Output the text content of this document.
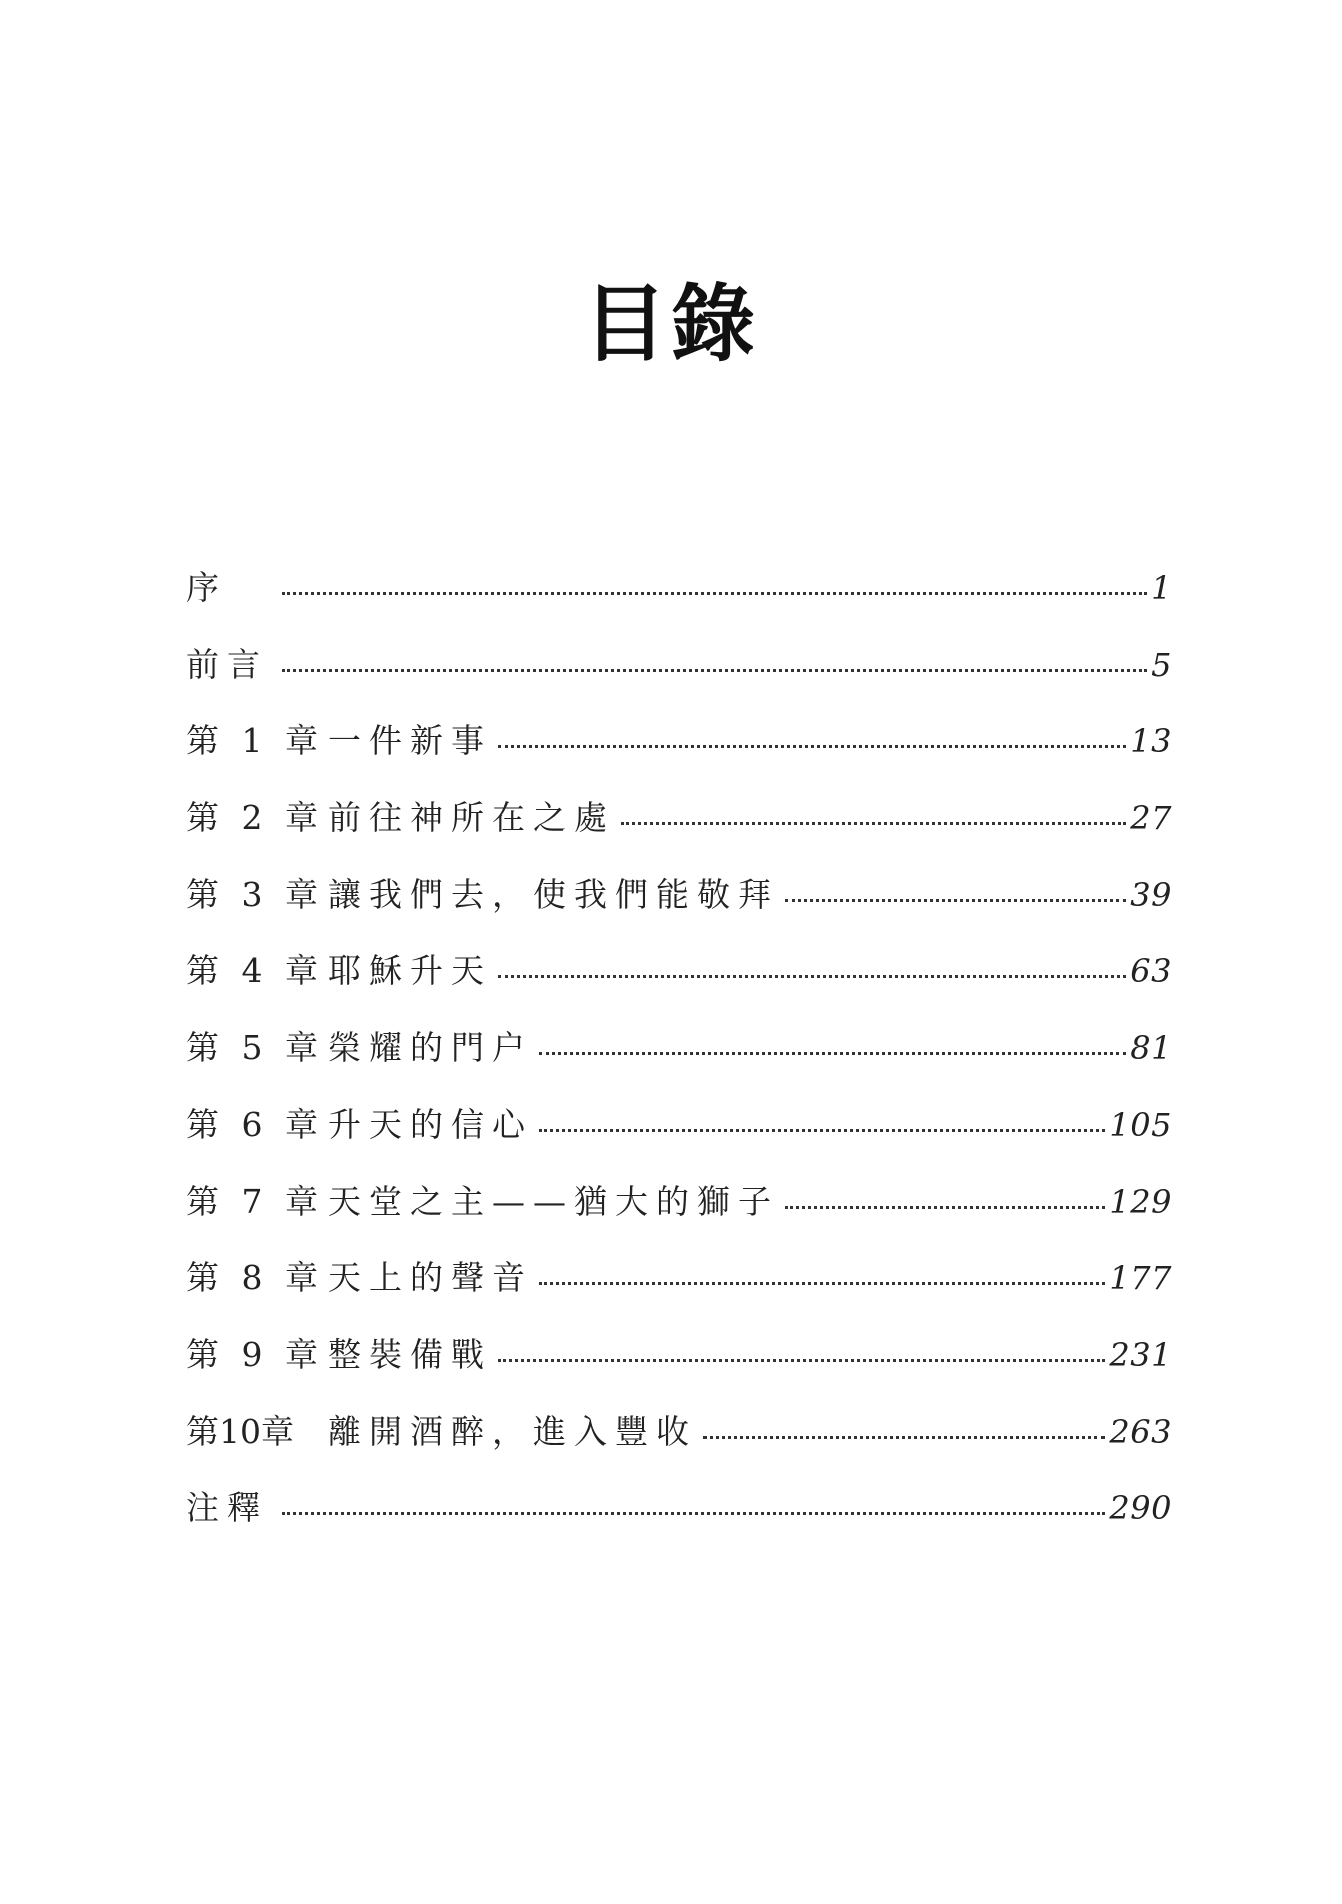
目錄
序	1
前言	5
第 1 章 一件新事	13
第 2 章 前往神所在之處	27
第 3 章 讓我們去，使我們能敬拜	39
第 4 章 耶穌升天	63
第 5 章 榮耀的門户	81
第 6 章 升天的信心	105
第 7 章 天堂之主——猶大的獅子	129
第 8 章 天上的聲音	177
第 9 章 整裝備戰	231
第10章	離開酒醉，進入豐收	263
注釋	290
